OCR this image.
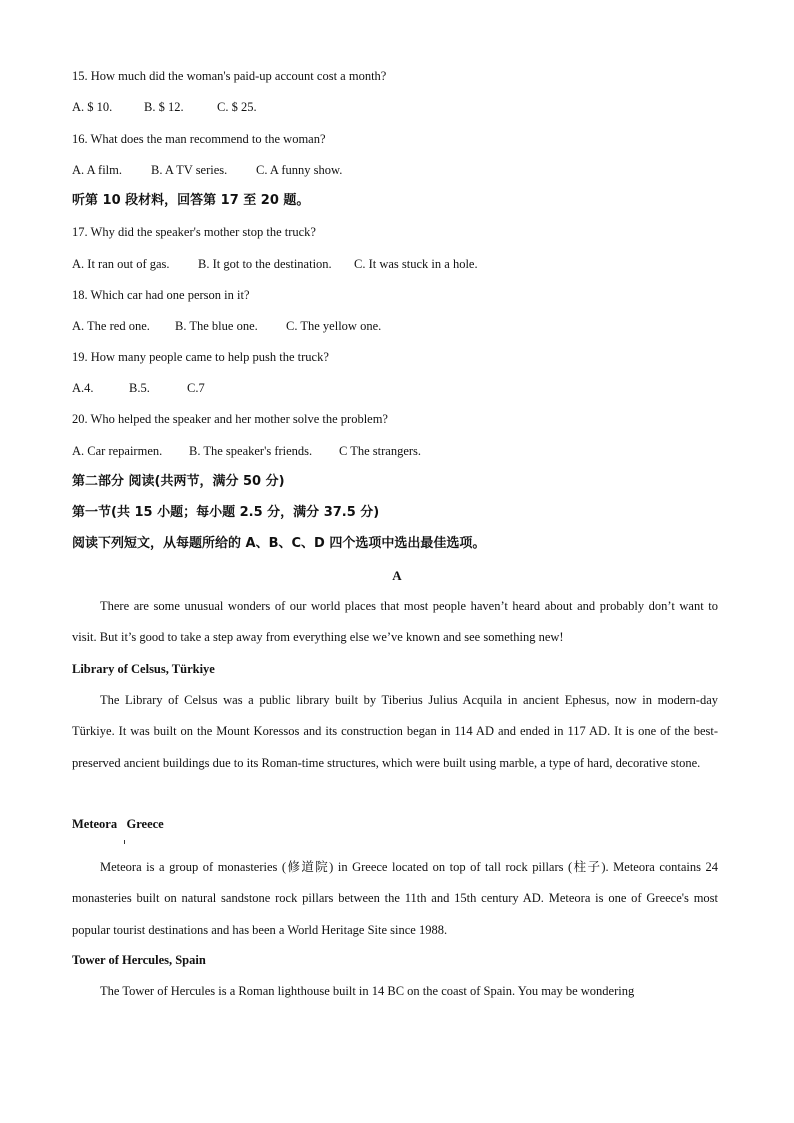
15. How much did the woman's paid-up account cost a month?
A. $ 10.	B. $ 12.	C. $ 25.
16. What does the man recommend to the woman?
A. A film. B. A TV series. C. A funny show.
听第 10 段材料，回答第 17 至 20 题。
17. Why did the speaker's mother stop the truck?
A. It ran out of gas. B. It got to the destination. C. It was stuck in a hole.
18. Which car had one person in it?
A. The red one. B. The blue one. C. The yellow one.
19. How many people came to help push the truck?
A.4.	B.5.	C.7
20. Who helped the speaker and her mother solve the problem?
A. Car repairmen. B. The speaker's friends. C The strangers.
第二部分 阅读(共两节，满分 50 分)
第一节(共 15 小题；每小题 2.5 分，满分 37.5 分)
阅读下列短文，从每题所给的 A、B、C、D 四个选项中选出最佳选项。
A
There are some unusual wonders of our world places that most people haven’t heard about and probably don’t want to visit. But it’s good to take a step away from everything else we’ve known and see something new!
Library of Celsus, Türkiye
The Library of Celsus was a public library built by Tiberius Julius Acquila in ancient Ephesus, now in modern-day Türkiye. It was built on the Mount Koressos and its construction began in 114 AD and ended in 117 AD. It is one of the best-preserved ancient buildings due to its Roman-time structures, which were built using marble, a type of hard, decorative stone.
Meteora   Greece
Meteora is a group of monasteries (修道院) in Greece located on top of tall rock pillars (柱子). Meteora contains 24 monasteries built on natural sandstone rock pillars between the 11th and 15th century AD. Meteora is one of Greece's most popular tourist destinations and has been a World Heritage Site since 1988.
Tower of Hercules, Spain
The Tower of Hercules is a Roman lighthouse built in 14 BC on the coast of Spain. You may be wondering
